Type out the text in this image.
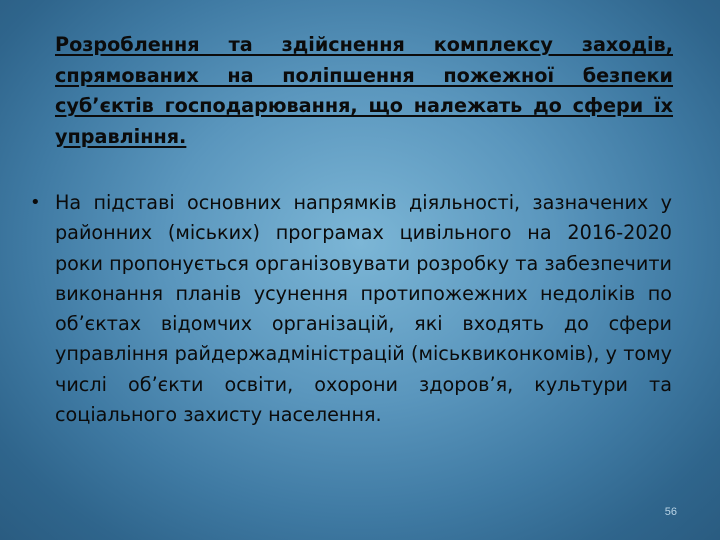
Розроблення та здійснення комплексу заходів, спрямованих на поліпшення пожежної безпеки суб’єктів господарювання, що належать до сфери їх управління.
• На підставі основних напрямків діяльності, зазначених у районних (міських) програмах цивільного на 2016-2020 роки пропонується організовувати розробку та забезпечити виконання планів усунення протипожежних недоліків по об’єктах відомчих організацій, які входять до сфери управління райдержадміністрацій (міськвиконкомів), у тому числі об’єкти освіти, охорони здоров’я, культури та соціального захисту населення.
56
